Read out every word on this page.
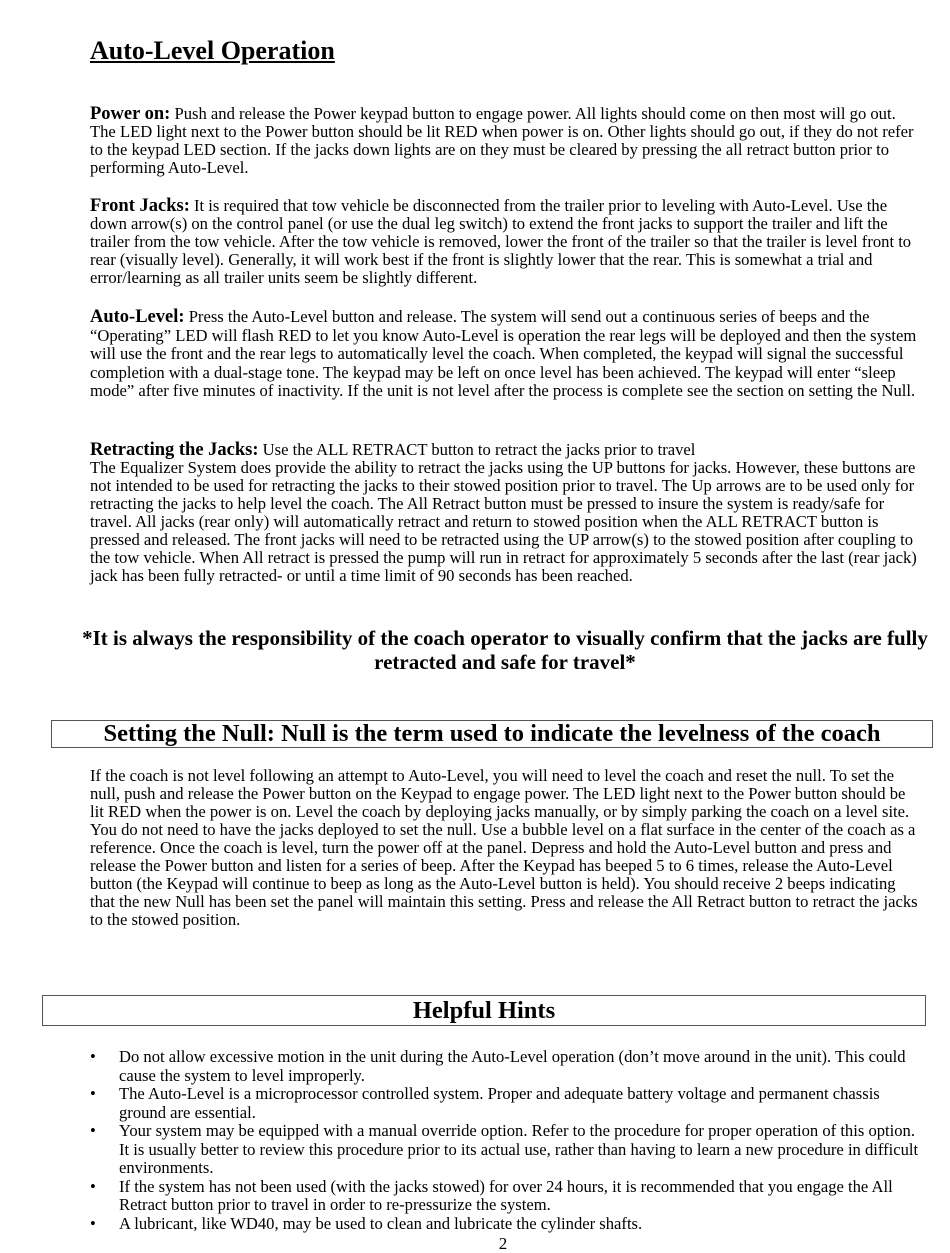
Auto-Level Operation

Power on: Push and release the Power keypad button to engage power. All lights should come on then most will go out. The LED light next to the Power button should be lit RED when power is on. Other lights should go out, if they do not refer to the keypad LED section. If the jacks down lights are on they must be cleared by pressing the all retract button prior to performing Auto-Level.

Front Jacks: It is required that tow vehicle be disconnected from the trailer prior to leveling with Auto-Level. Use the down arrow(s) on the control panel (or use the dual leg switch) to extend the front jacks to support the trailer and lift the trailer from the tow vehicle. After the tow vehicle is removed, lower the front of the trailer so that the trailer is level front to rear (visually level). Generally, it will work best if the front is slightly lower that the rear. This is somewhat a trial and error/learning as all trailer units seem be slightly different.

Auto-Level: Press the Auto-Level button and release. The system will send out a continuous series of beeps and the “Operating” LED will flash RED to let you know Auto-Level is operation the rear legs will be deployed and then the system will use the front and the rear legs to automatically level the coach. When completed, the keypad will signal the successful completion with a dual-stage tone. The keypad may be left on once level has been achieved. The keypad will enter “sleep mode” after five minutes of inactivity. If the unit is not level after the process is complete see the section on setting the Null.

Retracting the Jacks: Use the ALL RETRACT button to retract the jacks prior to travel
The Equalizer System does provide the ability to retract the jacks using the UP buttons for jacks. However, these buttons are not intended to be used for retracting the jacks to their stowed position prior to travel. The Up arrows are to be used only for retracting the jacks to help level the coach. The All Retract button must be pressed to insure the system is ready/safe for travel. All jacks (rear only) will automatically retract and return to stowed position when the ALL RETRACT button is pressed and released. The front jacks will need to be retracted using the UP arrow(s) to the stowed position after coupling to the tow vehicle. When All retract is pressed the pump will run in retract for approximately 5 seconds after the last (rear jack) jack has been fully retracted- or until a time limit of 90 seconds has been reached.

*It is always the responsibility of the coach operator to visually confirm that the jacks are fully retracted and safe for travel*

Setting the Null: Null is the term used to indicate the levelness of the coach

If the coach is not level following an attempt to Auto-Level, you will need to level the coach and reset the null. To set the null, push and release the Power button on the Keypad to engage power. The LED light next to the Power button should be lit RED when the power is on. Level the coach by deploying jacks manually, or by simply parking the coach on a level site. You do not need to have the jacks deployed to set the null. Use a bubble level on a flat surface in the center of the coach as a reference. Once the coach is level, turn the power off at the panel. Depress and hold the Auto-Level button and press and release the Power button and listen for a series of beep. After the Keypad has beeped 5 to 6 times, release the Auto-Level button (the Keypad will continue to beep as long as the Auto-Level button is held). You should receive 2 beeps indicating that the new Null has been set the panel will maintain this setting. Press and release the All Retract button to retract the jacks to the stowed position.

Helpful Hints
• Do not allow excessive motion in the unit during the Auto-Level operation (don’t move around in the unit). This could cause the system to level improperly.
• The Auto-Level is a microprocessor controlled system. Proper and adequate battery voltage and permanent chassis ground are essential.
• Your system may be equipped with a manual override option. Refer to the procedure for proper operation of this option. It is usually better to review this procedure prior to its actual use, rather than having to learn a new procedure in difficult environments.
• If the system has not been used (with the jacks stowed) for over 24 hours, it is recommended that you engage the All Retract button prior to travel in order to re-pressurize the system.
• A lubricant, like WD40, may be used to clean and lubricate the cylinder shafts.
2
